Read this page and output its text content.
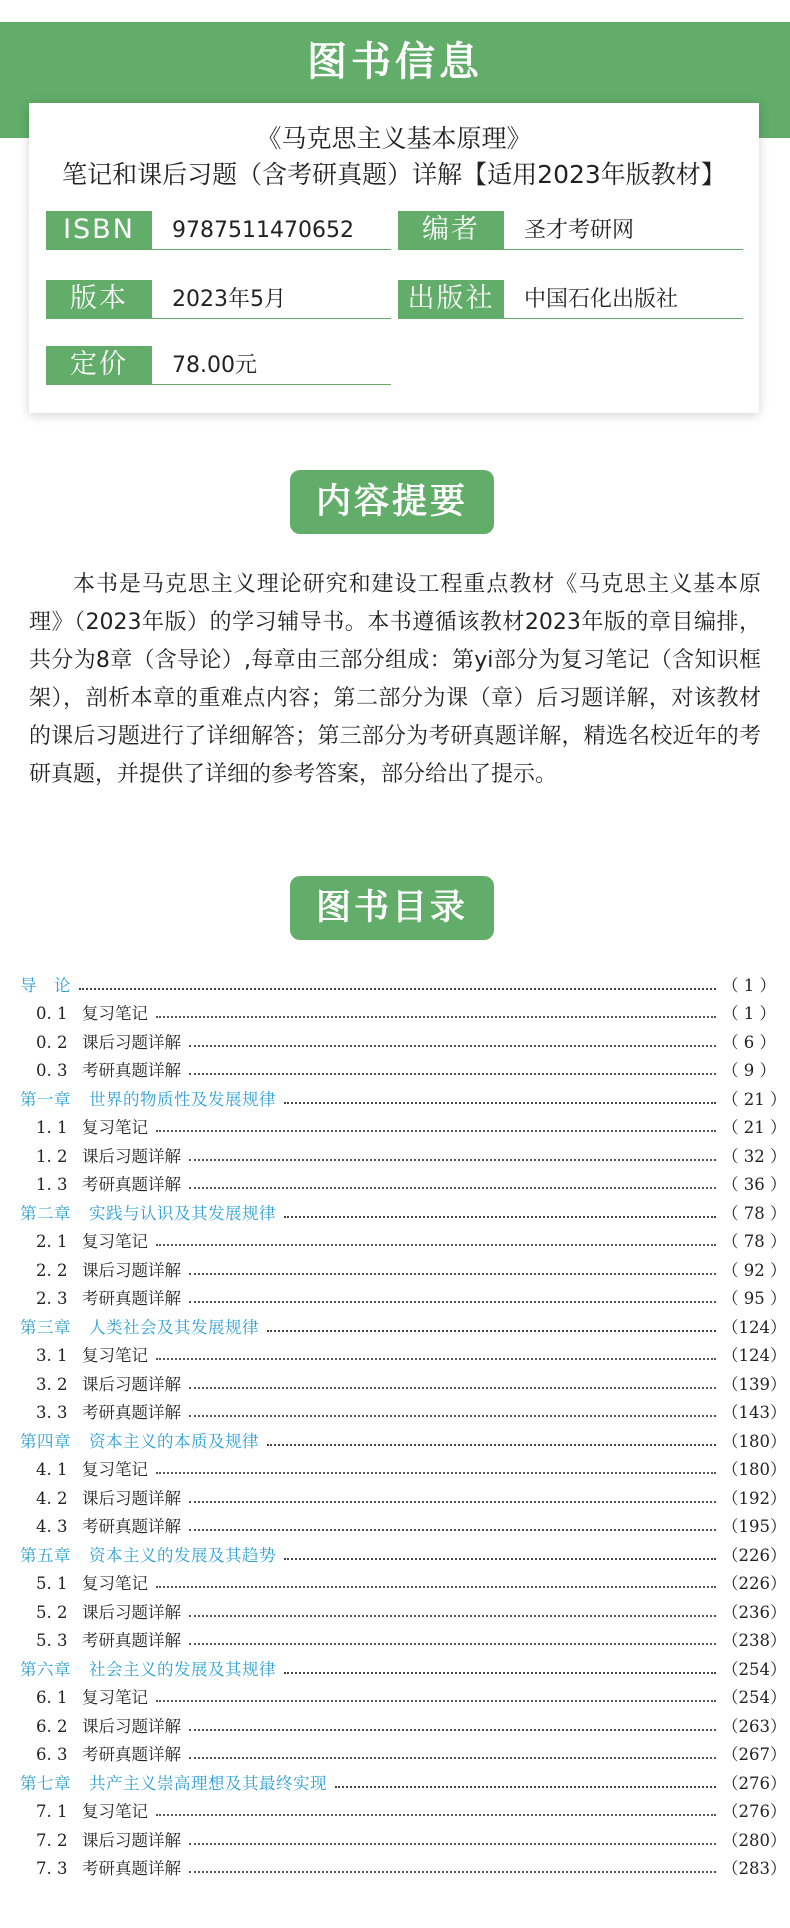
图书信息
《马克思主义基本原理》
笔记和课后习题（含考研真题）详解【适用2023年版教材】
ISBN	9787511470652	编者	圣才考研网
版本	2023年5月	出版社	中国石化出版社
定价	78.00元
内容提要

本书是马克思主义理论研究和建设工程重点教材《马克思主义基本原理》（2023年版）的学习辅导书。本书遵循该教材2023年版的章目编排，共分为8章（含导论）,每章由三部分组成：第yi部分为复习笔记（含知识框架），剖析本章的重难点内容；第二部分为课（章）后习题详解，对该教材的课后习题进行了详细解答；第三部分为考研真题详解，精选名校近年的考研真题，并提供了详细的参考答案，部分给出了提示。

图书目录
导　论	（ 1 ）
0. 1 复习笔记	（ 1 ）
0. 2 课后习题详解	（ 6 ）
0. 3 考研真题详解	（ 9 ）
第一章 世界的物质性及发展规律	（ 21 ）
1. 1 复习笔记	（ 21 ）
1. 2 课后习题详解	（ 32 ）
1. 3 考研真题详解	（ 36 ）
第二章 实践与认识及其发展规律	（ 78 ）
2. 1 复习笔记	（ 78 ）
2. 2 课后习题详解	（ 92 ）
2. 3 考研真题详解	（ 95 ）
第三章 人类社会及其发展规律	（124）
3. 1 复习笔记	（124）
3. 2 课后习题详解	（139）
3. 3 考研真题详解	（143）
第四章 资本主义的本质及规律	（180）
4. 1 复习笔记	（180）
4. 2 课后习题详解	（192）
4. 3 考研真题详解	（195）
第五章 资本主义的发展及其趋势	（226）
5. 1 复习笔记	（226）
5. 2 课后习题详解	（236）
5. 3 考研真题详解	（238）
第六章 社会主义的发展及其规律	（254）
6. 1 复习笔记	（254）
6. 2 课后习题详解	（263）
6. 3 考研真题详解	（267）
第七章 共产主义崇高理想及其最终实现	（276）
7. 1 复习笔记	（276）
7. 2 课后习题详解	（280）
7. 3 考研真题详解	（283）
